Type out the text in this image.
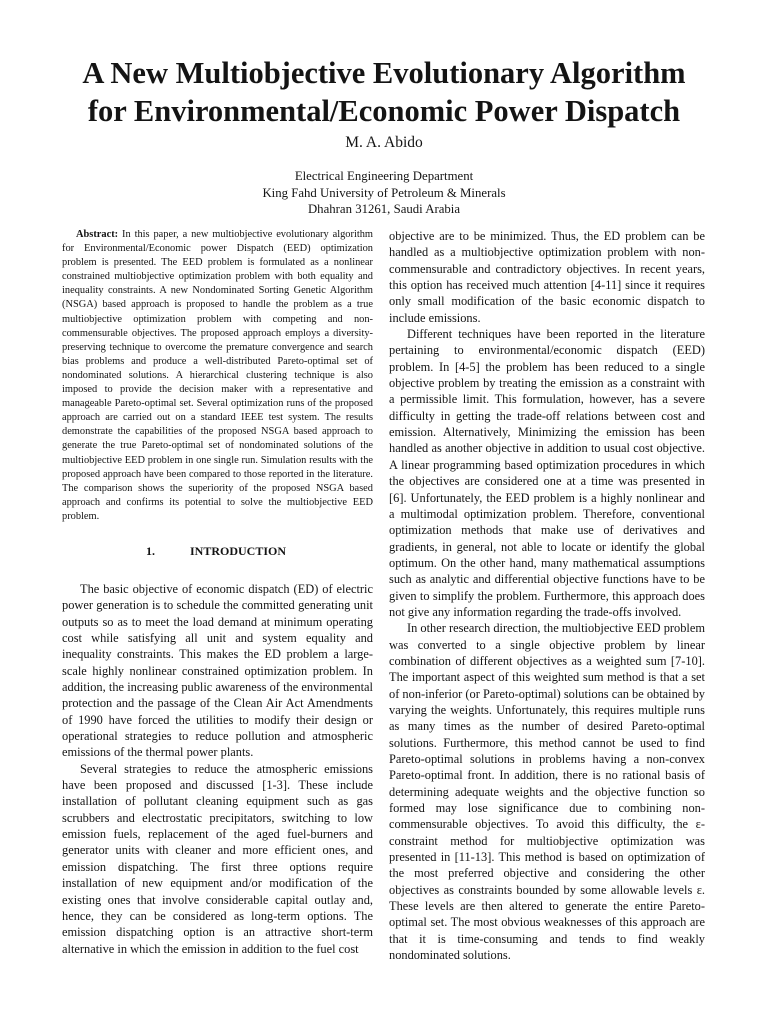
A New Multiobjective Evolutionary Algorithm
for Environmental/Economic Power Dispatch
M. A. Abido
Electrical Engineering Department
King Fahd University of Petroleum & Minerals
Dhahran 31261, Saudi Arabia

Abstract: In this paper, a new multiobjective evolutionary algorithm for Environmental/Economic power Dispatch (EED) optimization problem is presented. The EED problem is formulated as a nonlinear constrained multiobjective optimization problem with both equality and inequality constraints. A new Nondominated Sorting Genetic Algorithm (NSGA) based approach is proposed to handle the problem as a true multiobjective optimization problem with competing and non-commensurable objectives. The proposed approach employs a diversity-preserving technique to overcome the premature convergence and search bias problems and produce a well-distributed Pareto-optimal set of nondominated solutions. A hierarchical clustering technique is also imposed to provide the decision maker with a representative and manageable Pareto-optimal set. Several optimization runs of the proposed approach are carried out on a standard IEEE test system. The results demonstrate the capabilities of the proposed NSGA based approach to generate the true Pareto-optimal set of nondominated solutions of the multiobjective EED problem in one single run. Simulation results with the proposed approach have been compared to those reported in the literature. The comparison shows the superiority of the proposed NSGA based approach and confirms its potential to solve the multiobjective EED problem.

1.	INTRODUCTION

The basic objective of economic dispatch (ED) of electric power generation is to schedule the committed generating unit outputs so as to meet the load demand at minimum operating cost while satisfying all unit and system equality and inequality constraints. This makes the ED problem a large-scale highly nonlinear constrained optimization problem. In addition, the increasing public awareness of the environmental protection and the passage of the Clean Air Act Amendments of 1990 have forced the utilities to modify their design or operational strategies to reduce pollution and atmospheric emissions of the thermal power plants.

Several strategies to reduce the atmospheric emissions have been proposed and discussed [1-3]. These include installation of pollutant cleaning equipment such as gas scrubbers and electrostatic precipitators, switching to low emission fuels, replacement of the aged fuel-burners and generator units with cleaner and more efficient ones, and emission dispatching. The first three options require installation of new equipment and/or modification of the existing ones that involve considerable capital outlay and, hence, they can be considered as long-term options. The emission dispatching option is an attractive short-term alternative in which the emission in addition to the fuel cost

objective are to be minimized. Thus, the ED problem can be handled as a multiobjective optimization problem with non-commensurable and contradictory objectives. In recent years, this option has received much attention [4-11] since it requires only small modification of the basic economic dispatch to include emissions.

Different techniques have been reported in the literature pertaining to environmental/economic dispatch (EED) problem. In [4-5] the problem has been reduced to a single objective problem by treating the emission as a constraint with a permissible limit. This formulation, however, has a severe difficulty in getting the trade-off relations between cost and emission. Alternatively, Minimizing the emission has been handled as another objective in addition to usual cost objective. A linear programming based optimization procedures in which the objectives are considered one at a time was presented in [6]. Unfortunately, the EED problem is a highly nonlinear and a multimodal optimization problem. Therefore, conventional optimization methods that make use of derivatives and gradients, in general, not able to locate or identify the global optimum. On the other hand, many mathematical assumptions such as analytic and differential objective functions have to be given to simplify the problem. Furthermore, this approach does not give any information regarding the trade-offs involved.

In other research direction, the multiobjective EED problem was converted to a single objective problem by linear combination of different objectives as a weighted sum [7-10]. The important aspect of this weighted sum method is that a set of non-inferior (or Pareto-optimal) solutions can be obtained by varying the weights. Unfortunately, this requires multiple runs as many times as the number of desired Pareto-optimal solutions. Furthermore, this method cannot be used to find Pareto-optimal solutions in problems having a non-convex Pareto-optimal front. In addition, there is no rational basis of determining adequate weights and the objective function so formed may lose significance due to combining non-commensurable objectives. To avoid this difficulty, the ε-constraint method for multiobjective optimization was presented in [11-13]. This method is based on optimization of the most preferred objective and considering the other objectives as constraints bounded by some allowable levels ε. These levels are then altered to generate the entire Pareto-optimal set. The most obvious weaknesses of this approach are that it is time-consuming and tends to find weakly nondominated solutions.
